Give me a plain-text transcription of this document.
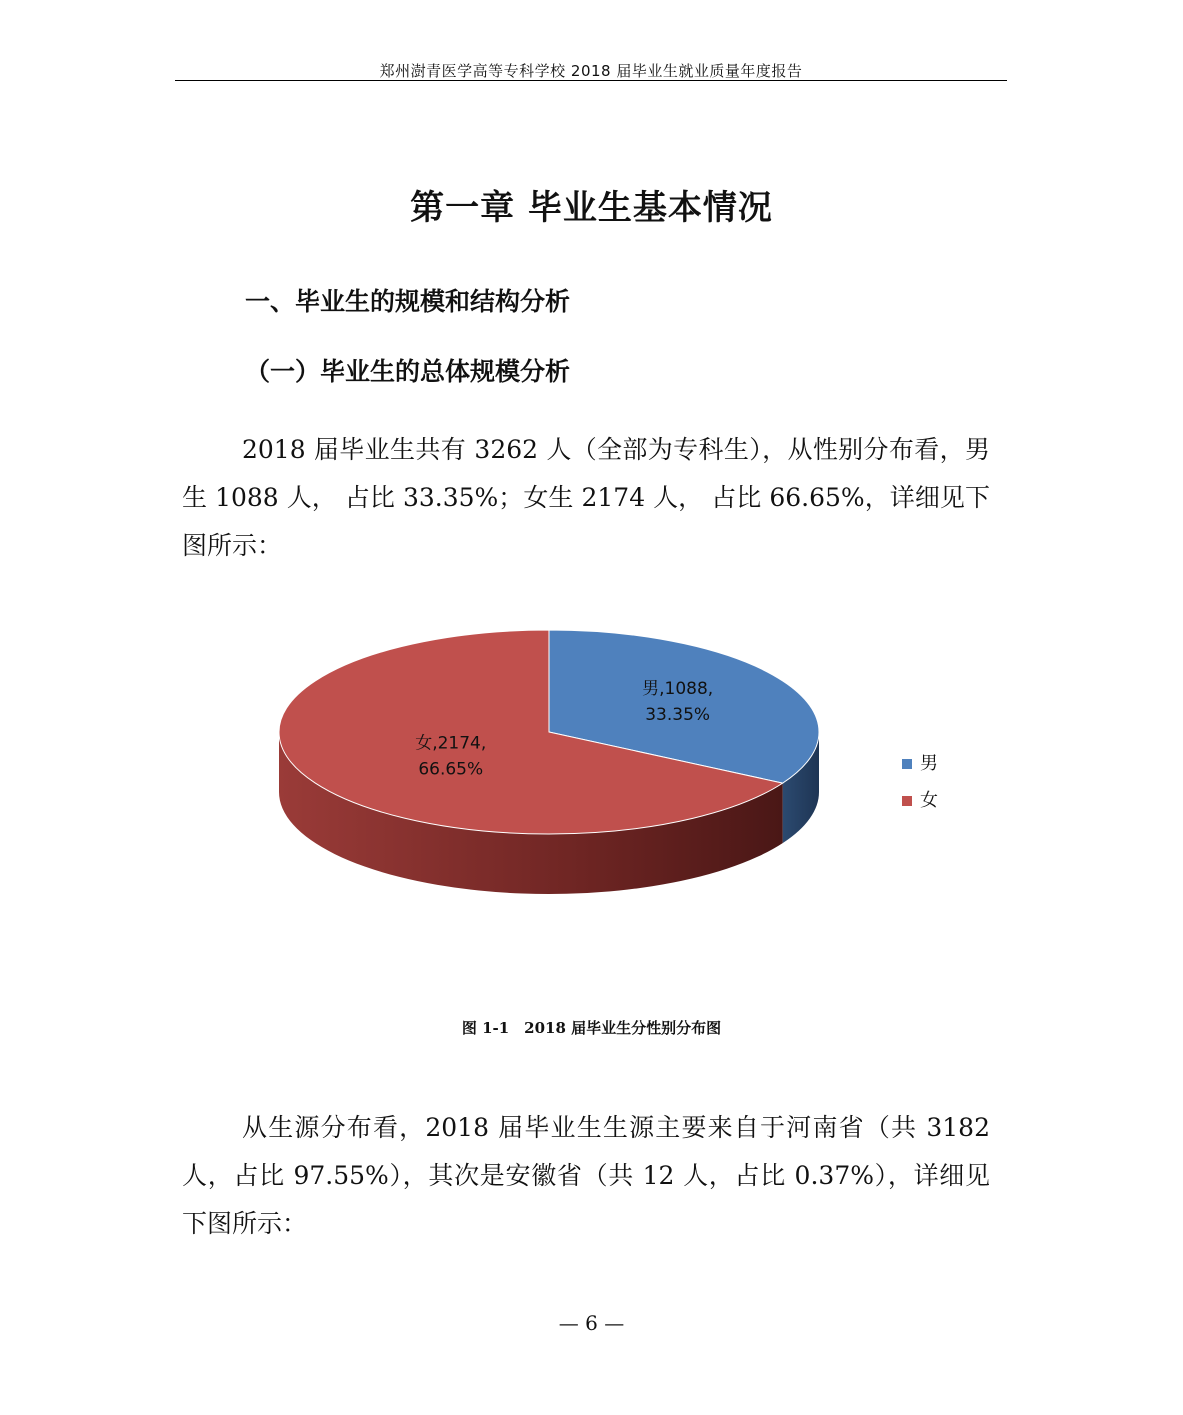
郑州澍青医学高等专科学校 2018 届毕业生就业质量年度报告
第一章 毕业生基本情况
一、毕业生的规模和结构分析
（一）毕业生的总体规模分析

2018 届毕业生共有 3262 人（全部为专科生），从性别分布看，男生 1088 人， 占比 33.35%；女生 2174 人， 占比 66.65%，详细见下图所示：

男,1088,
33.35%
女,2174,
66.65%	男
女
图 1-1　2018 届毕业生分性别分布图

从生源分布看，2018 届毕业生生源主要来自于河南省（共 3182 人，占比 97.55%），其次是安徽省（共 12 人，占比 0.37%），详细见下图所示：

— 6 —
